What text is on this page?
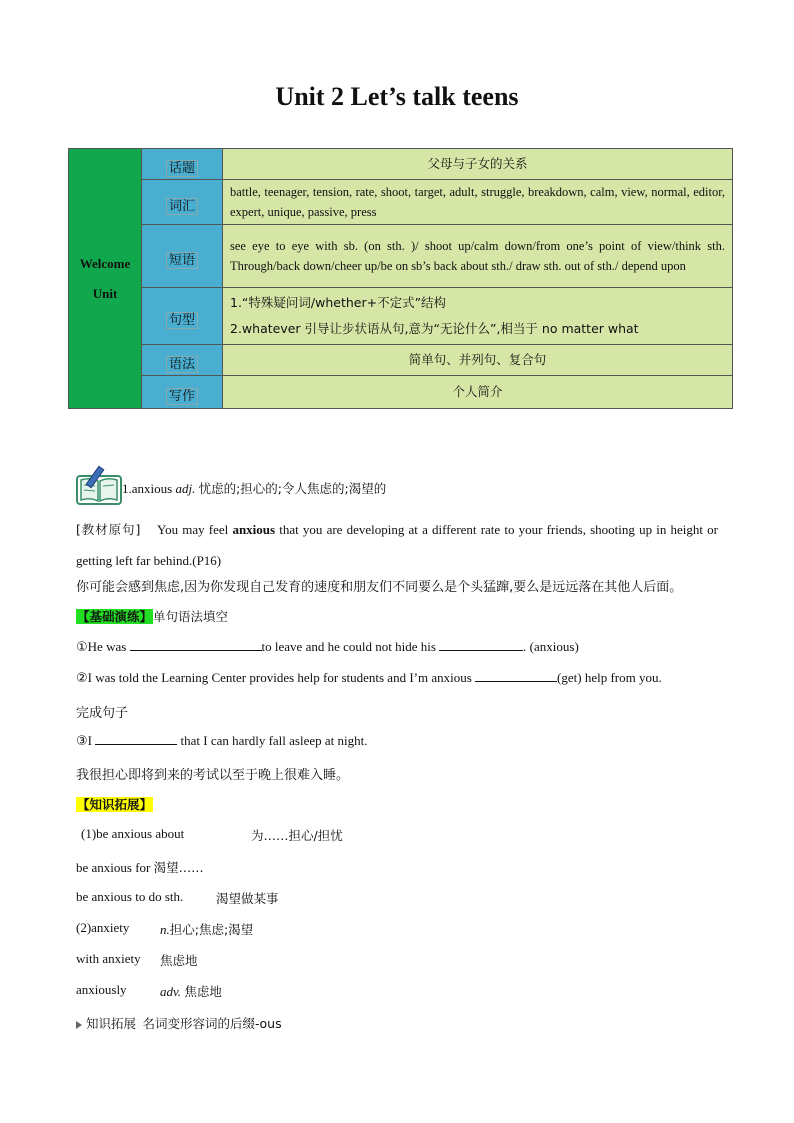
Unit 2 Let’s talk teens
Welcome
Unit	话题	父母与子女的关系
	词汇	battle, teenager, tension, rate, shoot, target, adult, struggle, breakdown, calm, view, normal, editor, expert, unique, passive, press
	短语	see eye to eye with sb. (on sth. )/ shoot up/calm down/from one’s point of view/think sth. Through/back down/cheer up/be on sb’s back about sth./ draw sth. out of sth./ depend upon
	句型	1.“特殊疑问词/whether+不定式”结构
2.whatever 引导让步状语从句,意为“无论什么”,相当于 no matter what

	语法	简单句、并列句、复合句
	写作	个人简介
1.anxious adj. 忧虑的;担心的;令人焦虑的;渴望的
[教材原句] You may feel anxious that you are developing at a different rate to your friends, shooting up in height or getting left far behind.(P16)
你可能会感到焦虑,因为你发现自己发育的速度和朋友们不同要么是个头猛蹿,要么是远远落在其他人后面。
【基础演练】单句语法填空
①He was	to leave and he could not hide his	. (anxious)
②I was told the Learning Center provides help for students and I’m anxious	(get) help from you.
完成句子
③I	that I can hardly fall asleep at night.
我很担心即将到来的考试以至于晚上很难入睡。
【知识拓展】
(1)be anxious about	为……担心/担忧
be anxious for 渴望……
be anxious to do sth.	渴望做某事
(2)anxiety n.担心;焦虑;渴望
with anxiety 焦虑地
anxiously	adv. 焦虑地
知识拓展 名词变形容词的后缀-ous
